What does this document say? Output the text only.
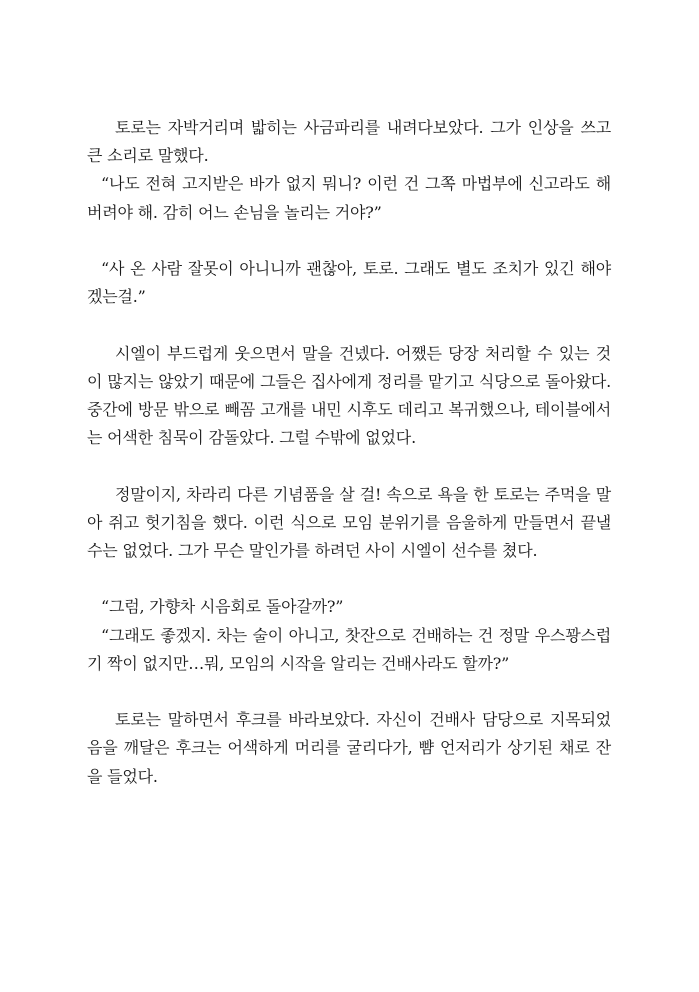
토로는 자박거리며 밟히는 사금파리를 내려다보았다. 그가 인상을 쓰고 큰 소리로 말했다.

“나도 전혀 고지받은 바가 없지 뭐니? 이런 건 그쪽 마법부에 신고라도 해 버려야 해. 감히 어느 손님을 놀리는 거야?”

“사 온 사람 잘못이 아니니까 괜찮아, 토로. 그래도 별도 조치가 있긴 해야겠는걸.”

시엘이 부드럽게 웃으면서 말을 건넸다. 어쨌든 당장 처리할 수 있는 것이 많지는 않았기 때문에 그들은 집사에게 정리를 맡기고 식당으로 돌아왔다. 중간에 방문 밖으로 빼꼼 고개를 내민 시후도 데리고 복귀했으나, 테이블에서는 어색한 침묵이 감돌았다. 그럴 수밖에 없었다.

정말이지, 차라리 다른 기념품을 살 걸! 속으로 욕을 한 토로는 주먹을 말아 쥐고 헛기침을 했다. 이런 식으로 모임 분위기를 음울하게 만들면서 끝낼 수는 없었다. 그가 무슨 말인가를 하려던 사이 시엘이 선수를 쳤다.

“그럼, 가향차 시음회로 돌아갈까?”

“그래도 좋겠지. 차는 술이 아니고, 찻잔으로 건배하는 건 정말 우스꽝스럽기 짝이 없지만…뭐, 모임의 시작을 알리는 건배사라도 할까?”

토로는 말하면서 후크를 바라보았다. 자신이 건배사 담당으로 지목되었음을 깨달은 후크는 어색하게 머리를 굴리다가, 뺨 언저리가 상기된 채로 잔을 들었다.
